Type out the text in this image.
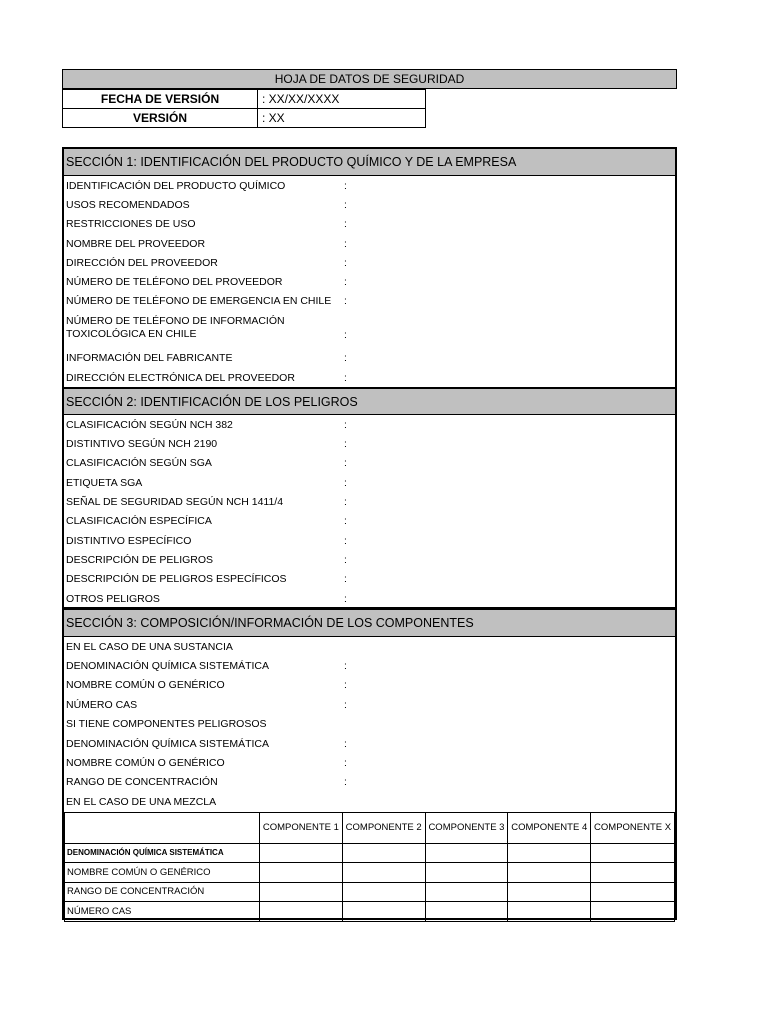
HOJA DE DATOS DE SEGURIDAD
FECHA DE VERSIÓN	: XX/XX/XXXX
VERSIÓN	: XX
SECCIÓN 1: IDENTIFICACIÓN DEL PRODUCTO QUÍMICO Y DE LA EMPRESA
IDENTIFICACIÓN DEL PRODUCTO QUÍMICO	:
USOS RECOMENDADOS	:
RESTRICCIONES DE USO	:
NOMBRE DEL PROVEEDOR	:
DIRECCIÓN DEL PROVEEDOR	:
NÚMERO DE TELÉFONO DEL PROVEEDOR	:
NÚMERO DE TELÉFONO DE EMERGENCIA EN CHILE	:
NÚMERO DE TELÉFONO DE INFORMACIÓN TOXICOLÓGICA EN CHILE	:
INFORMACIÓN DEL FABRICANTE	:
DIRECCIÓN ELECTRÓNICA DEL PROVEEDOR	:
SECCIÓN 2: IDENTIFICACIÓN DE LOS PELIGROS
CLASIFICACIÓN SEGÚN NCH 382	:
DISTINTIVO SEGÚN NCH 2190	:
CLASIFICACIÓN SEGÚN SGA	:
ETIQUETA SGA	:
SEÑAL DE SEGURIDAD SEGÚN NCH 1411/4	:
CLASIFICACIÓN ESPECÍFICA	:
DISTINTIVO ESPECÍFICO	:
DESCRIPCIÓN DE PELIGROS	:
DESCRIPCIÓN DE PELIGROS ESPECÍFICOS	:
OTROS PELIGROS	:
SECCIÓN 3: COMPOSICIÓN/INFORMACIÓN DE LOS COMPONENTES
EN EL CASO DE UNA SUSTANCIA
DENOMINACIÓN QUÍMICA SISTEMÁTICA	:
NOMBRE COMÚN O GENÉRICO	:
NÚMERO CAS	:
SI TIENE COMPONENTES PELIGROSOS
DENOMINACIÓN QUÍMICA SISTEMÁTICA	:
NOMBRE COMÚN O GENÉRICO	:
RANGO DE CONCENTRACIÓN	:
EN EL CASO DE UNA MEZCLA
	COMPONENTE 1	COMPONENTE 2	COMPONENTE 3	COMPONENTE 4	COMPONENTE X
DENOMINACIÓN QUÍMICA SISTEMÁTICA					
NOMBRE COMÚN O GENÉRICO					
RANGO DE CONCENTRACIÓN					
NÚMERO CAS					
